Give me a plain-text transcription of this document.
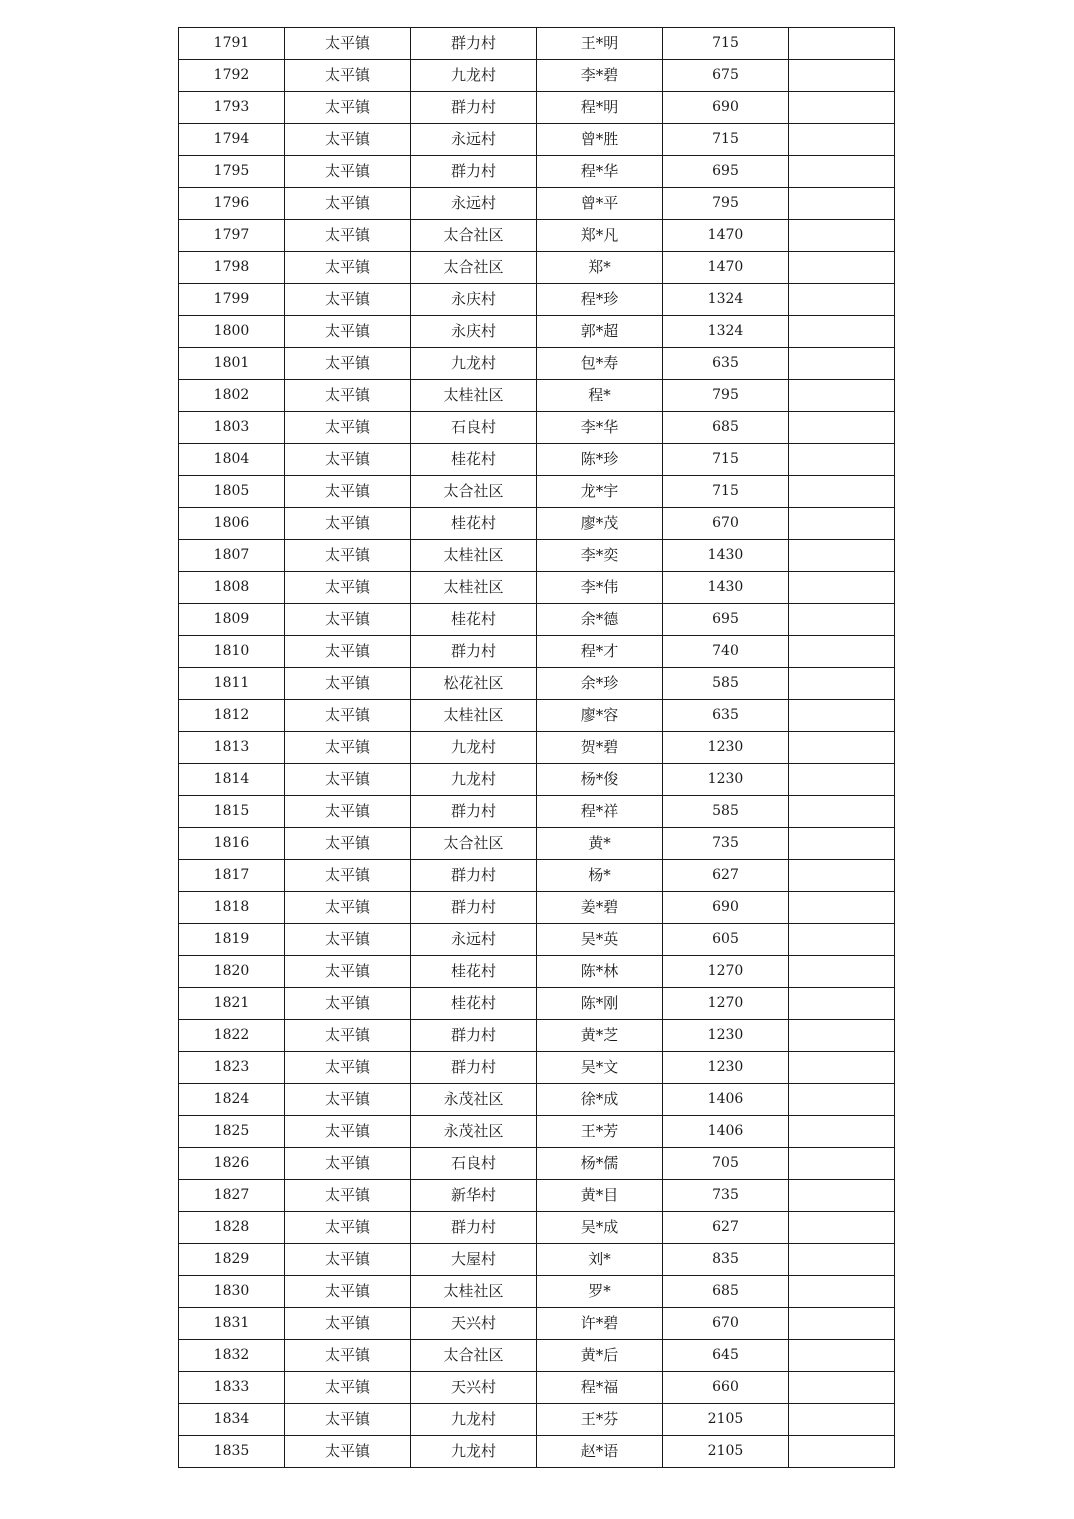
1791	太平镇	群力村	王*明	715	
1792	太平镇	九龙村	李*碧	675	
1793	太平镇	群力村	程*明	690	
1794	太平镇	永远村	曾*胜	715	
1795	太平镇	群力村	程*华	695	
1796	太平镇	永远村	曾*平	795	
1797	太平镇	太合社区	郑*凡	1470	
1798	太平镇	太合社区	郑*	1470	
1799	太平镇	永庆村	程*珍	1324	
1800	太平镇	永庆村	郭*超	1324	
1801	太平镇	九龙村	包*寿	635	
1802	太平镇	太桂社区	程*	795	
1803	太平镇	石良村	李*华	685	
1804	太平镇	桂花村	陈*珍	715	
1805	太平镇	太合社区	龙*宇	715	
1806	太平镇	桂花村	廖*茂	670	
1807	太平镇	太桂社区	李*奕	1430	
1808	太平镇	太桂社区	李*伟	1430	
1809	太平镇	桂花村	余*德	695	
1810	太平镇	群力村	程*才	740	
1811	太平镇	松花社区	余*珍	585	
1812	太平镇	太桂社区	廖*容	635	
1813	太平镇	九龙村	贺*碧	1230	
1814	太平镇	九龙村	杨*俊	1230	
1815	太平镇	群力村	程*祥	585	
1816	太平镇	太合社区	黄*	735	
1817	太平镇	群力村	杨*	627	
1818	太平镇	群力村	姜*碧	690	
1819	太平镇	永远村	吴*英	605	
1820	太平镇	桂花村	陈*林	1270	
1821	太平镇	桂花村	陈*刚	1270	
1822	太平镇	群力村	黄*芝	1230	
1823	太平镇	群力村	吴*文	1230	
1824	太平镇	永茂社区	徐*成	1406	
1825	太平镇	永茂社区	王*芳	1406	
1826	太平镇	石良村	杨*儒	705	
1827	太平镇	新华村	黄*目	735	
1828	太平镇	群力村	吴*成	627	
1829	太平镇	大屋村	刘*	835	
1830	太平镇	太桂社区	罗*	685	
1831	太平镇	天兴村	许*碧	670	
1832	太平镇	太合社区	黄*后	645	
1833	太平镇	天兴村	程*福	660	
1834	太平镇	九龙村	王*芬	2105	
1835	太平镇	九龙村	赵*语	2105	
